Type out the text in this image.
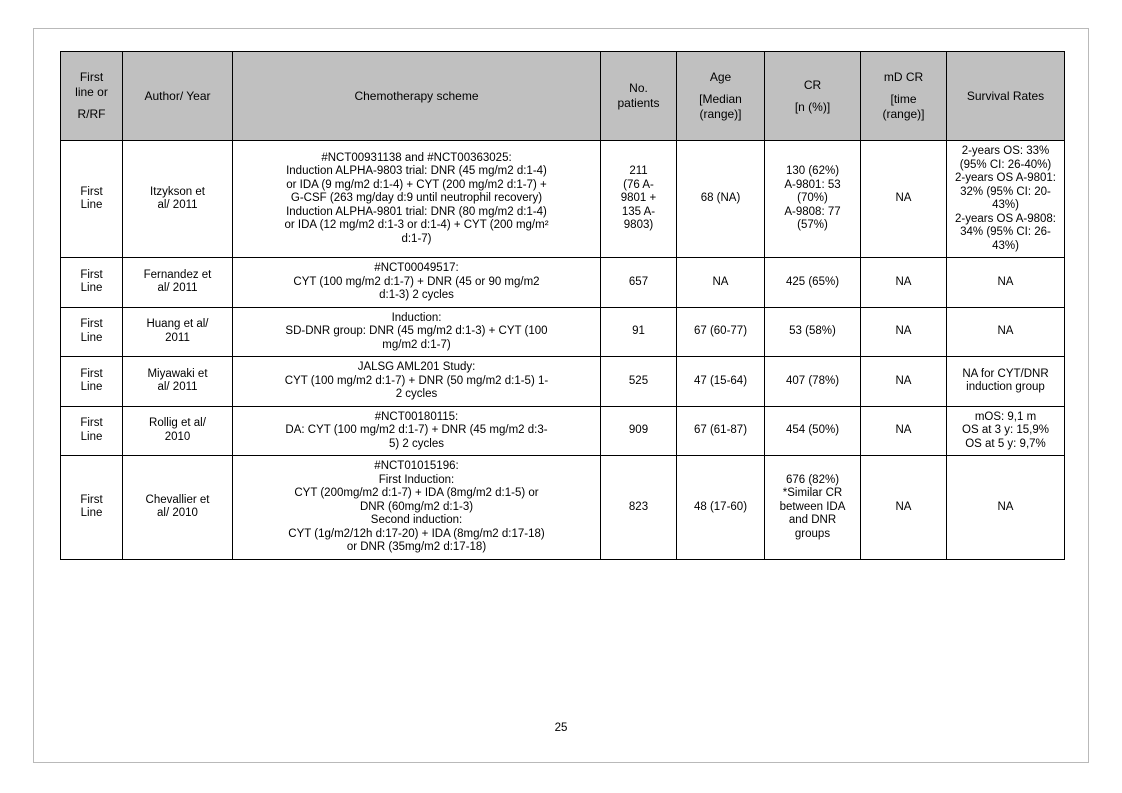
First
line or
R/RF	Author/ Year	Chemotherapy scheme	No.
patients	Age
[Median
(range)]	CR
[n (%)]	mD CR
[time
(range)]	Survival Rates
First
Line	Itzykson et
al/ 2011	#NCT00931138 and #NCT00363025:
Induction ALPHA-9803 trial: DNR (45 mg/m2 d:1-4)
or IDA (9 mg/m2 d:1-4) + CYT (200 mg/m2 d:1-7) +
G-CSF (263 mg/day d:9 until neutrophil recovery)
Induction ALPHA-9801 trial: DNR (80 mg/m2 d:1-4)
or IDA (12 mg/m2 d:1-3 or d:1-4) + CYT (200 mg/m²
d:1-7)	211
(76 A-
9801 +
135 A-
9803)	68 (NA)	130 (62%)
A-9801: 53
(70%)
A-9808: 77
(57%)	NA	2-years OS: 33%
(95% CI: 26-40%)
2-years OS A-9801:
32% (95% CI: 20-
43%)
2-years OS A-9808:
34% (95% CI: 26-
43%)
First
Line	Fernandez et
al/ 2011	#NCT00049517:
CYT (100 mg/m2 d:1-7) + DNR (45 or 90 mg/m2
d:1-3) 2 cycles	657	NA	425 (65%)	NA	NA
First
Line	Huang et al/
2011	Induction:
SD-DNR group: DNR (45 mg/m2 d:1-3) + CYT (100
mg/m2 d:1-7)	91	67 (60-77)	53 (58%)	NA	NA
First
Line	Miyawaki et
al/ 2011	JALSG AML201 Study:
CYT (100 mg/m2 d:1-7) + DNR (50 mg/m2 d:1-5) 1-
2 cycles	525	47 (15-64)	407 (78%)	NA	NA for CYT/DNR
induction group
First
Line	Rollig et al/
2010	#NCT00180115:
DA: CYT (100 mg/m2 d:1-7) + DNR (45 mg/m2 d:3-
5) 2 cycles	909	67 (61-87)	454 (50%)	NA	mOS: 9,1 m
OS at 3 y: 15,9%
OS at 5 y: 9,7%
First
Line	Chevallier et
al/ 2010	#NCT01015196:
First Induction:
CYT (200mg/m2 d:1-7) + IDA (8mg/m2 d:1-5) or
DNR (60mg/m2 d:1-3)
Second induction:
CYT (1g/m2/12h d:17-20) + IDA (8mg/m2 d:17-18)
or DNR (35mg/m2 d:17-18)	823	48 (17-60)	676 (82%)
*Similar CR
between IDA
and DNR
groups	NA	NA
25
